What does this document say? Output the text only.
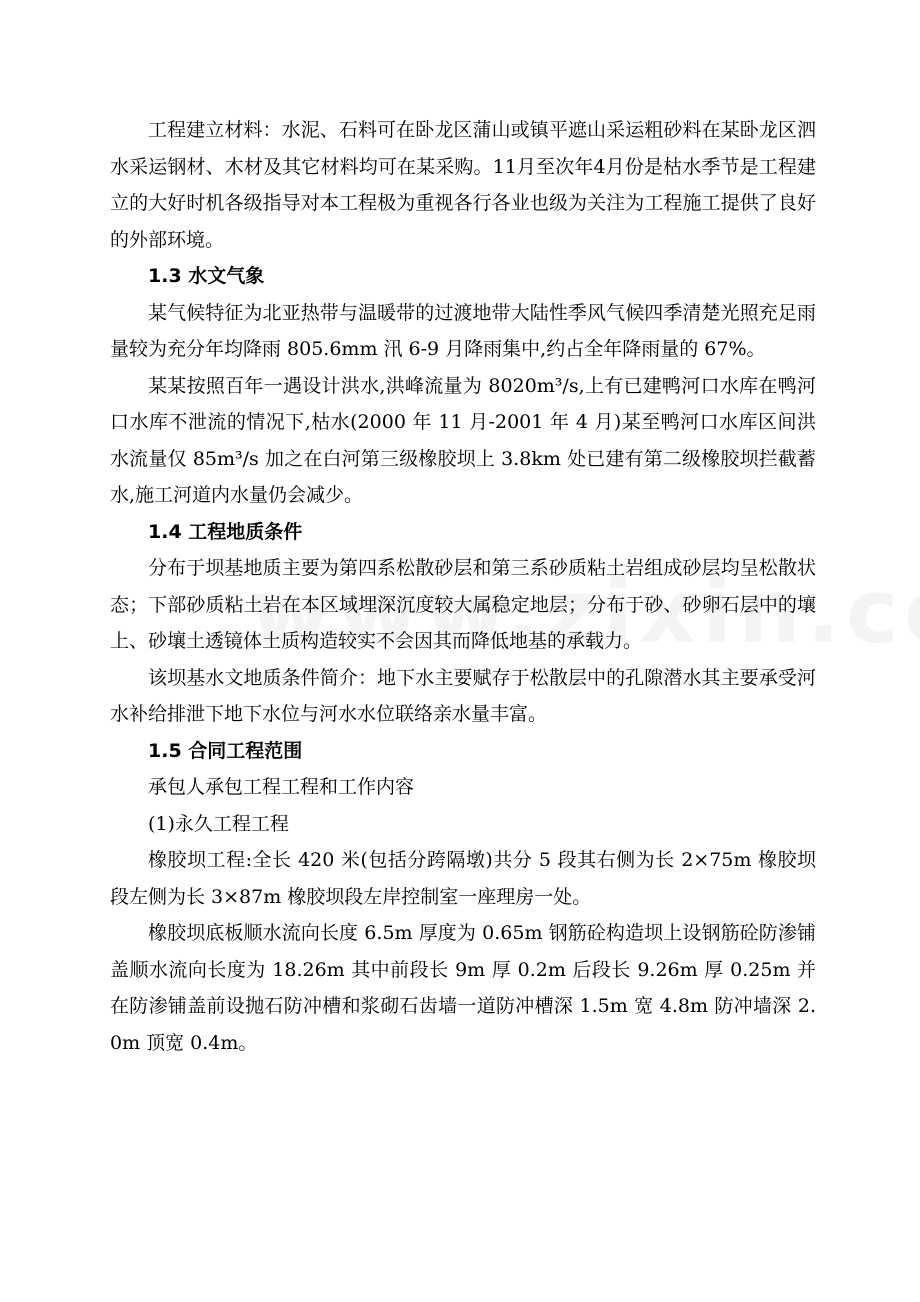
工程建立材料：水泥、石料可在卧龙区蒲山或镇平遮山采运粗砂料在某卧龙区泗水采运钢材、木材及其它材料均可在某采购。11月至次年4月份是枯水季节是工程建立的大好时机各级指导对本工程极为重视各行各业也级为关注为工程施工提供了良好的外部环境。

1.3 水文气象

某气候特征为北亚热带与温暖带的过渡地带大陆性季风气候四季清楚光照充足雨量较为充分年均降雨 805.6mm 汛 6-9 月降雨集中,约占全年降雨量的 67%。

某某按照百年一遇设计洪水,洪峰流量为 8020m³/s,上有已建鸭河口水库在鸭河口水库不泄流的情况下,枯水(2000 年 11 月-2001 年 4 月)某至鸭河口水库区间洪水流量仅 85m³/s 加之在白河第三级橡胶坝上 3.8km 处已建有第二级橡胶坝拦截蓄水,施工河道内水量仍会减少。

1.4 工程地质条件

分布于坝基地质主要为第四系松散砂层和第三系砂质粘土岩组成砂层均呈松散状态；下部砂质粘土岩在本区域埋深沉度较大属稳定地层；分布于砂、砂卵石层中的壤上、砂壤土透镜体土质构造较实不会因其而降低地基的承载力。

该坝基水文地质条件简介：地下水主要赋存于松散层中的孔隙潜水其主要承受河水补给排泄下地下水位与河水水位联络亲水量丰富。

1.5 合同工程范围

承包人承包工程工程和工作内容

(1)永久工程工程

橡胶坝工程:全长 420 米(包括分跨隔墩)共分 5 段其右侧为长 2×75m 橡胶坝段左侧为长 3×87m 橡胶坝段左岸控制室一座理房一处。

橡胶坝底板顺水流向长度 6.5m 厚度为 0.65m 钢筋砼构造坝上设钢筋砼防渗铺盖顺水流向长度为 18.26m 其中前段长 9m 厚 0.2m 后段长 9.26m 厚 0.25m 并在防渗铺盖前设抛石防冲槽和浆砌石齿墙一道防冲槽深 1.5m 宽 4.8m 防冲墙深 2.0m 顶宽 0.4m。
